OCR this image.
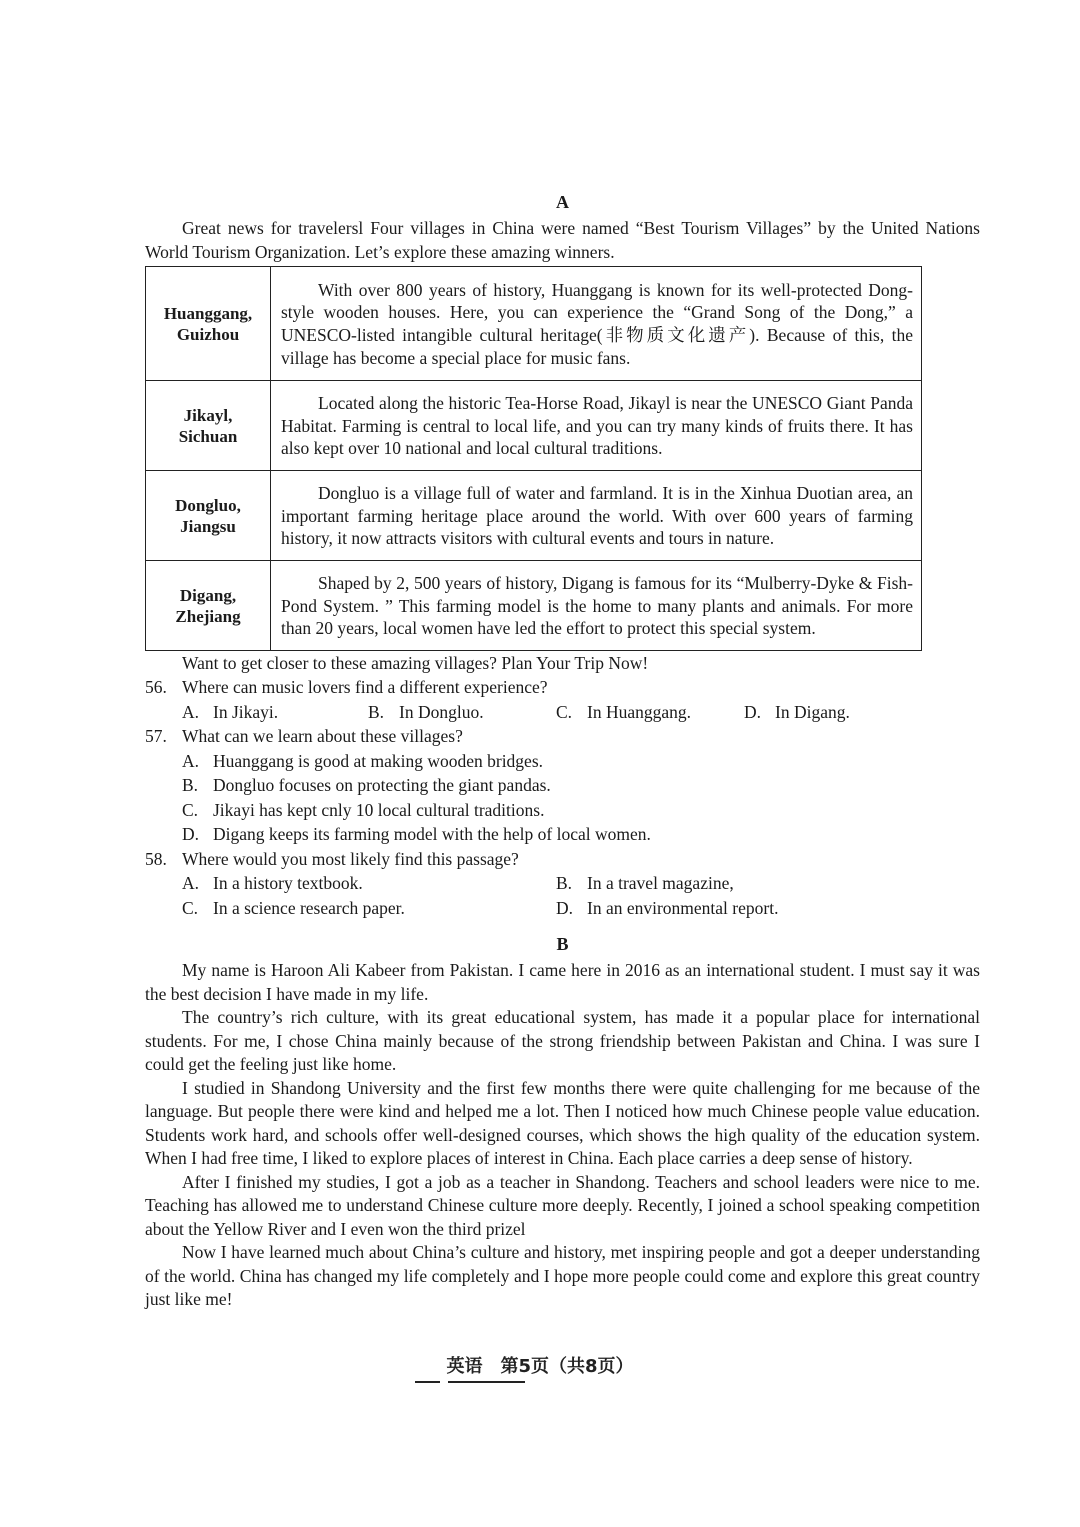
A

Great news for travelersl Four villages in China were named “Best Tourism Villages” by the United Nations World Tourism Organization. Let’s explore these amazing winners.

Huanggang,
Guizhou	With over 800 years of history, Huanggang is known for its well-protected Dong-style wooden houses. Here, you can experience the “Grand Song of the Dong,” a UNESCO-listed intangible cultural heritage(非物质文化遗产). Because of this, the village has become a special place for music fans.
Jikayl,
Sichuan	Located along the historic Tea-Horse Road, Jikayl is near the UNESCO Giant Panda Habitat. Farming is central to local life, and you can try many kinds of fruits there. It has also kept over 10 national and local cultural traditions.
Dongluo,
Jiangsu	Dongluo is a village full of water and farmland. It is in the Xinhua Duotian area, an important farming heritage place around the world. With over 600 years of farming history, it now attracts visitors with cultural events and tours in nature.
Digang,
Zhejiang	Shaped by 2, 500 years of history, Digang is famous for its “Mulberry-Dyke & Fish-Pond System. ” This farming model is the home to many plants and animals. For more than 20 years, local women have led the effort to protect this special system.

Want to get closer to these amazing villages? Plan Your Trip Now!

56. Where can music lovers find a different experience?
A. In Jikayi.	B. In Dongluo.	C. In Huanggang.	D. In Digang.
57. What can we learn about these villages?
A. Huanggang is good at making wooden bridges.
B. Dongluo focuses on protecting the giant pandas.
C. Jikayi has kept cnly 10 local cultural traditions.
D. Digang keeps its farming model with the help of local women.
58. Where would you most likely find this passage?
A. In a history textbook.	B. In a travel magazine,
C. In a science research paper.	D. In an environmental report.
B

My name is Haroon Ali Kabeer from Pakistan. I came here in 2016 as an international student. I must say it was the best decision I have made in my life.

The country’s rich culture, with its great educational system, has made it a popular place for international students. For me, I chose China mainly because of the strong friendship between Pakistan and China. I was sure I could get the feeling just like home.

I studied in Shandong University and the first few months there were quite challenging for me because of the language. But people there were kind and helped me a lot. Then I noticed how much Chinese people value education. Students work hard, and schools offer well-designed courses, which shows the high quality of the education system. When I had free time, I liked to explore places of interest in China. Each place carries a deep sense of history.

After I finished my studies, I got a job as a teacher in Shandong. Teachers and school leaders were nice to me. Teaching has allowed me to understand Chinese culture more deeply. Recently, I joined a school speaking competition about the Yellow River and I even won the third prizel

Now I have learned much about China’s culture and history, met inspiring people and got a deeper understanding of the world. China has changed my life completely and I hope more people could come and explore this great country just like me!

英语　第5页（共8页）
